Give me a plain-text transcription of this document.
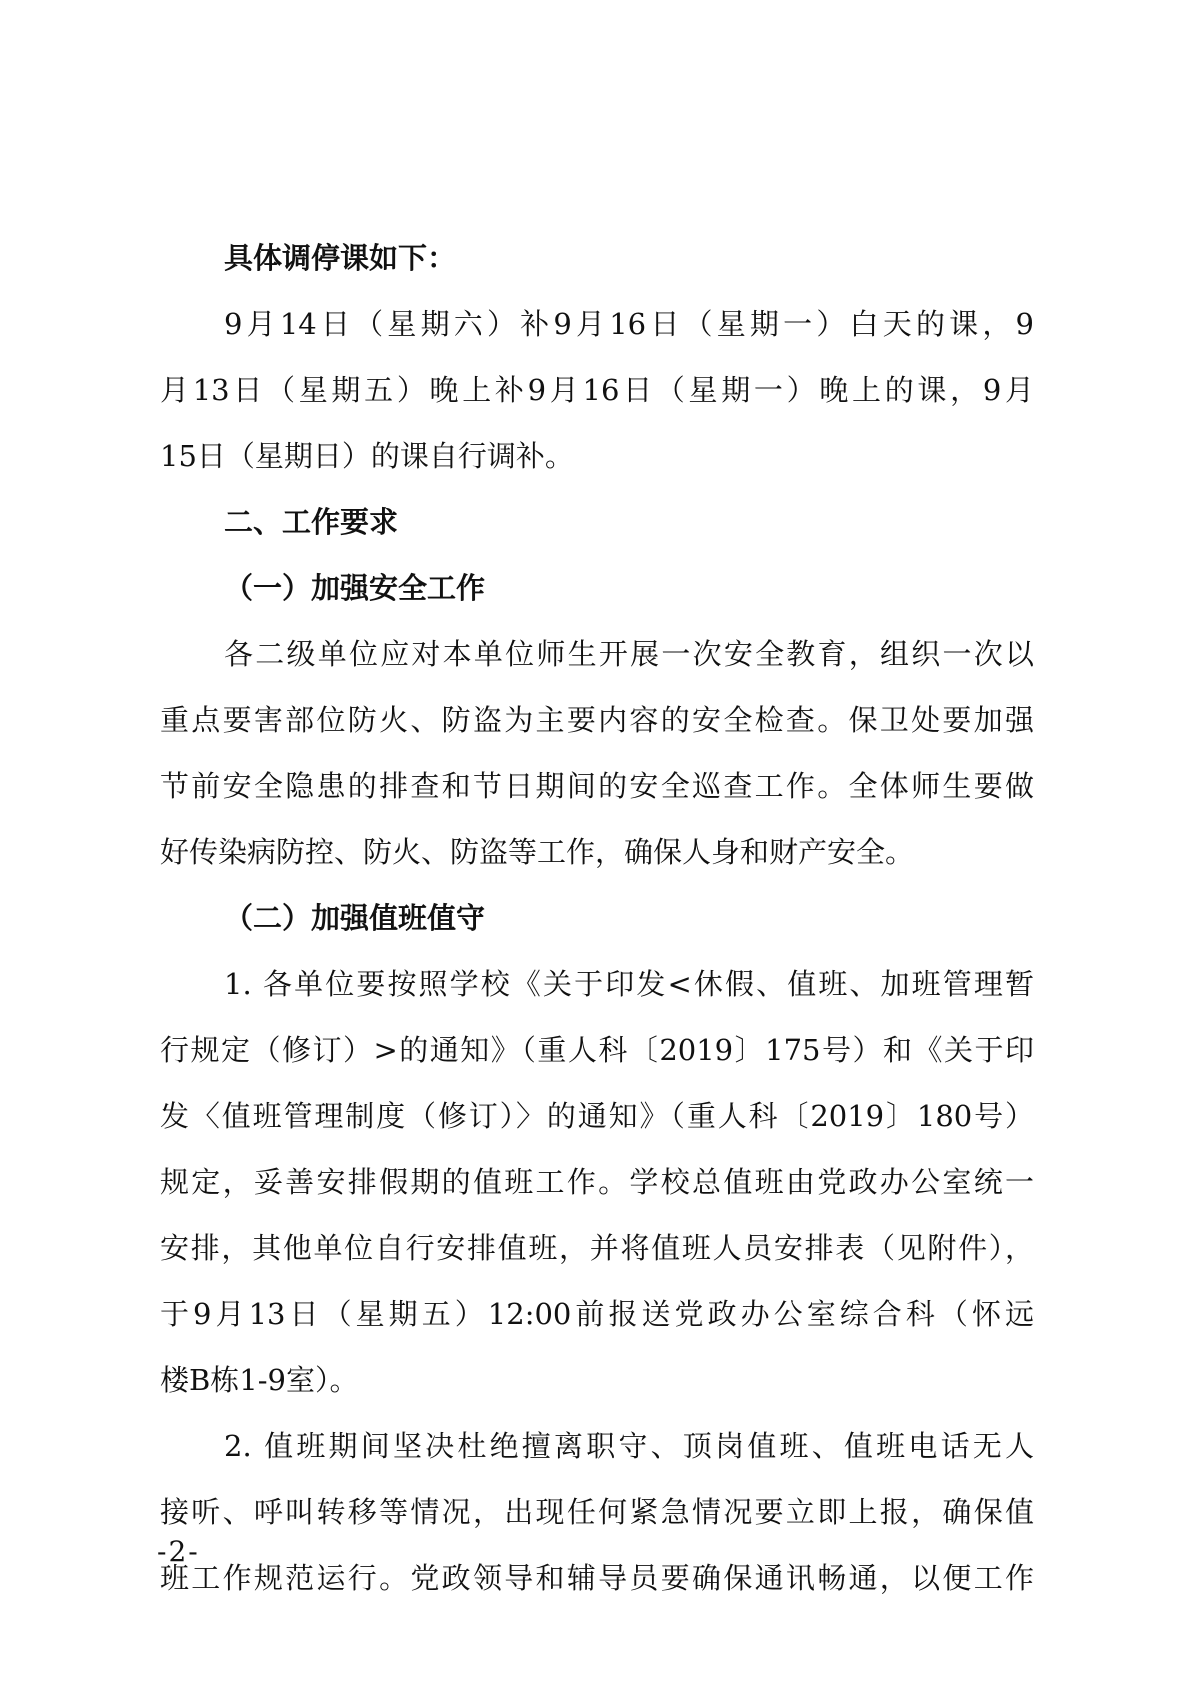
具体调停课如下：

9月14日（星期六）补9月16日（星期一）白天的课，9

月13日（星期五）晚上补9月16日（星期一）晚上的课，9月

15日（星期日）的课自行调补。

二、工作要求

（一）加强安全工作

各二级单位应对本单位师生开展一次安全教育，组织一次以

重点要害部位防火、防盗为主要内容的安全检查。保卫处要加强

节前安全隐患的排查和节日期间的安全巡查工作。全体师生要做

好传染病防控、防火、防盗等工作，确保人身和财产安全。

（二）加强值班值守

1. 各单位要按照学校《关于印发<休假、值班、加班管理暂

行规定（修订）>的通知》（重人科〔2019〕175号）和《关于印

发〈值班管理制度（修订）〉的通知》（重人科〔2019〕180号）

规定，妥善安排假期的值班工作。学校总值班由党政办公室统一

安排，其他单位自行安排值班，并将值班人员安排表（见附件），

于9月13日（星期五）12:00前报送党政办公室综合科（怀远

楼B栋1-9室）。

2. 值班期间坚决杜绝擅离职守、顶岗值班、值班电话无人

接听、呼叫转移等情况，出现任何紧急情况要立即上报，确保值

班工作规范运行。党政领导和辅导员要确保通讯畅通，以便工作

-2-
